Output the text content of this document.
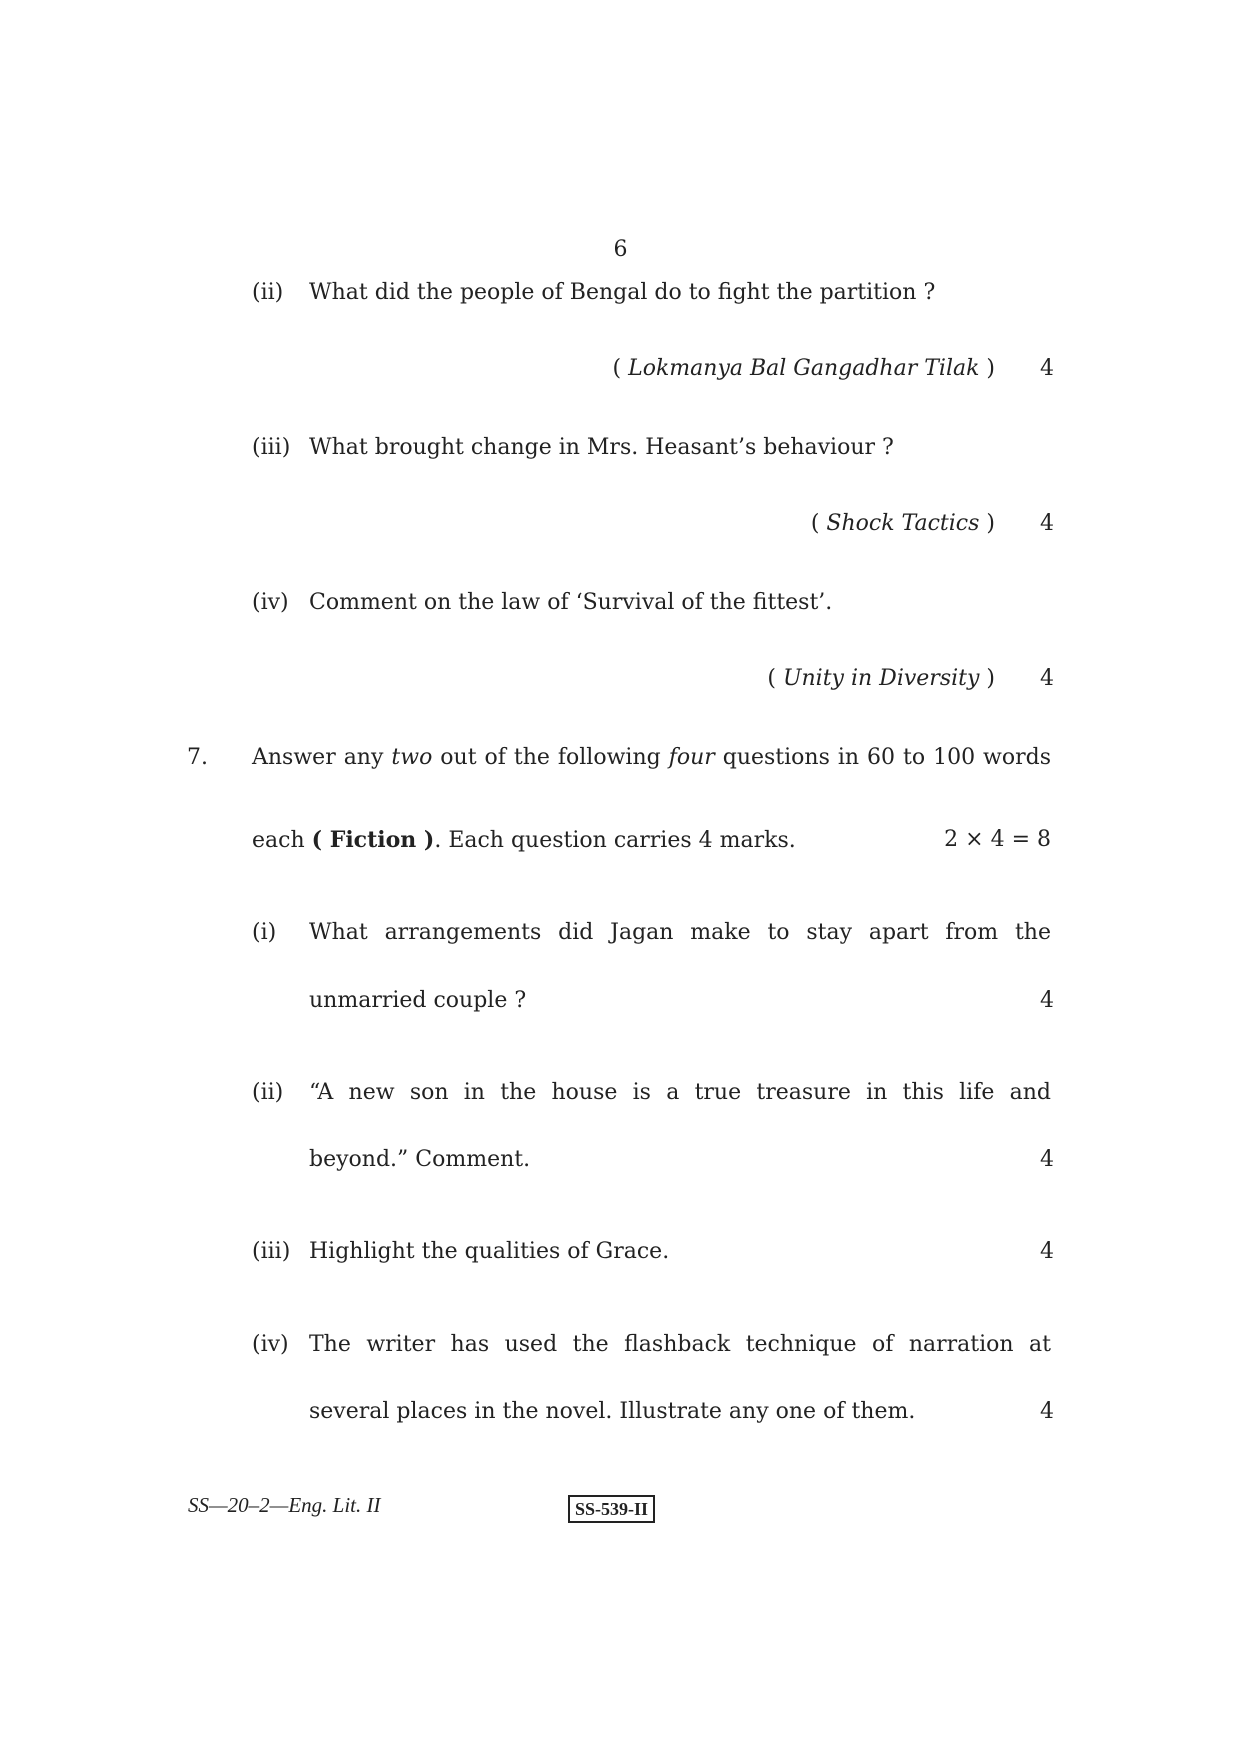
6
(ii) What did the people of Bengal do to fight the partition ?
( Lokmanya Bal Gangadhar Tilak ) 4
(iii) What brought change in Mrs. Heasant’s behaviour ?
( Shock Tactics ) 4
(iv) Comment on the law of ‘Survival of the fittest’.
( Unity in Diversity ) 4
7. Answer any two out of the following four questions in 60 to 100 words
each ( Fiction ). Each question carries 4 marks.	2 × 4 = 8
(i) What arrangements did Jagan make to stay apart from the
unmarried couple ?	4
(ii) “A new son in the house is a true treasure in this life and
beyond.” Comment.	4
(iii) Highlight the qualities of Grace.	4
(iv) The writer has used the flashback technique of narration at
several places in the novel. Illustrate any one of them.	4
SS—20–2—Eng. Lit. II	SS-539-II
